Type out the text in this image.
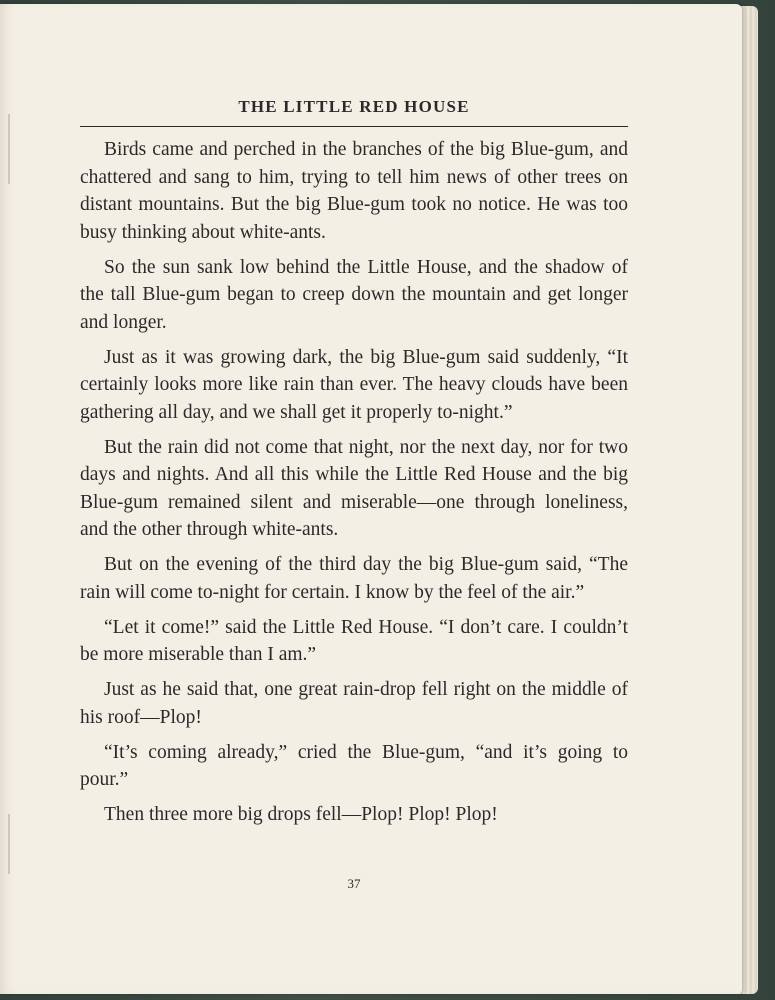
THE LITTLE RED HOUSE

Birds came and perched in the branches of the big Blue-gum, and chattered and sang to him, trying to tell him news of other trees on distant mountains. But the big Blue-gum took no notice. He was too busy thinking about white-ants.

So the sun sank low behind the Little House, and the shadow of the tall Blue-gum began to creep down the mountain and get longer and longer.

Just as it was growing dark, the big Blue-gum said suddenly, “It certainly looks more like rain than ever. The heavy clouds have been gathering all day, and we shall get it properly to-night.”

But the rain did not come that night, nor the next day, nor for two days and nights. And all this while the Little Red House and the big Blue-gum remained silent and miserable—one through loneliness, and the other through white-ants.

But on the evening of the third day the big Blue-gum said, “The rain will come to-night for certain. I know by the feel of the air.”

“Let it come!” said the Little Red House. “I don’t care. I couldn’t be more miserable than I am.”

Just as he said that, one great rain-drop fell right on the middle of his roof—Plop!

“It’s coming already,” cried the Blue-gum, “and it’s going to pour.”

Then three more big drops fell—Plop! Plop! Plop!

37
